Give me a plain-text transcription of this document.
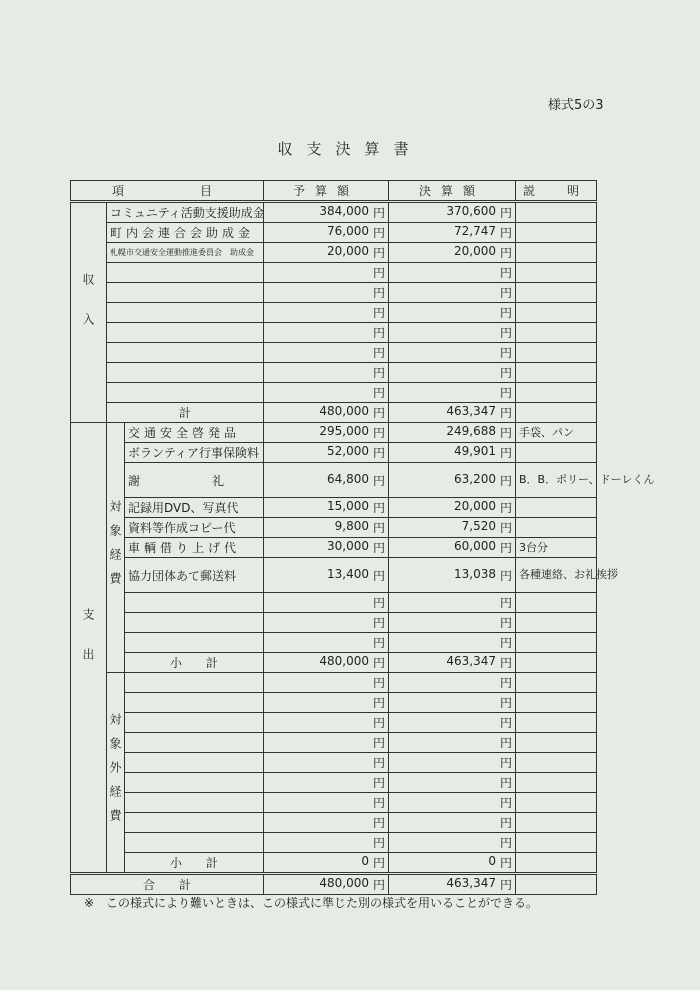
様式5の3
収支決算書
項　　　目			予算額	決算額	説　明
収入	コミュニティ活動支援助成金		384,000 円	370,600 円	

	町内会連合会助成金		76,000 円	72,747 円	

	札幌市交通安全運動推進委員会　助成金		20,000 円	20,000 円	

			円	円	
			円	円	
			円	円	
			円	円	
			円	円	
			円	円	
			円	円	
	計		480,000 円	463,347 円	

支出	対象経費	交通安全啓発品	295,000 円	249,688 円	手袋、パン
		ボランティア行事保険料	52,000 円	49,901 円	

		謝　　　　　　礼	64,800 円	63,200 円	B．B．ポリー、ドーレくん
		記録用DVD、写真代	15,000 円	20,000 円	

		資料等作成コピー代	9,800 円	7,520 円	

		車輌借り上げ代	30,000 円	60,000 円	3台分
		協力団体あて郵送料	13,400 円	13,038 円	各種連絡、お礼挨拶
			円	円	
			円	円	
			円	円	
		小　　計	480,000 円	463,347 円	

	対象外経費		円	円	
			円	円	
			円	円	
			円	円	
			円	円	
			円	円	
			円	円	
			円	円	
			円	円	
		小　　計	0 円	0 円	

合　　計			480,000 円	463,347 円	

※　この様式により難いときは、この様式に準じた別の様式を用いることができる。
